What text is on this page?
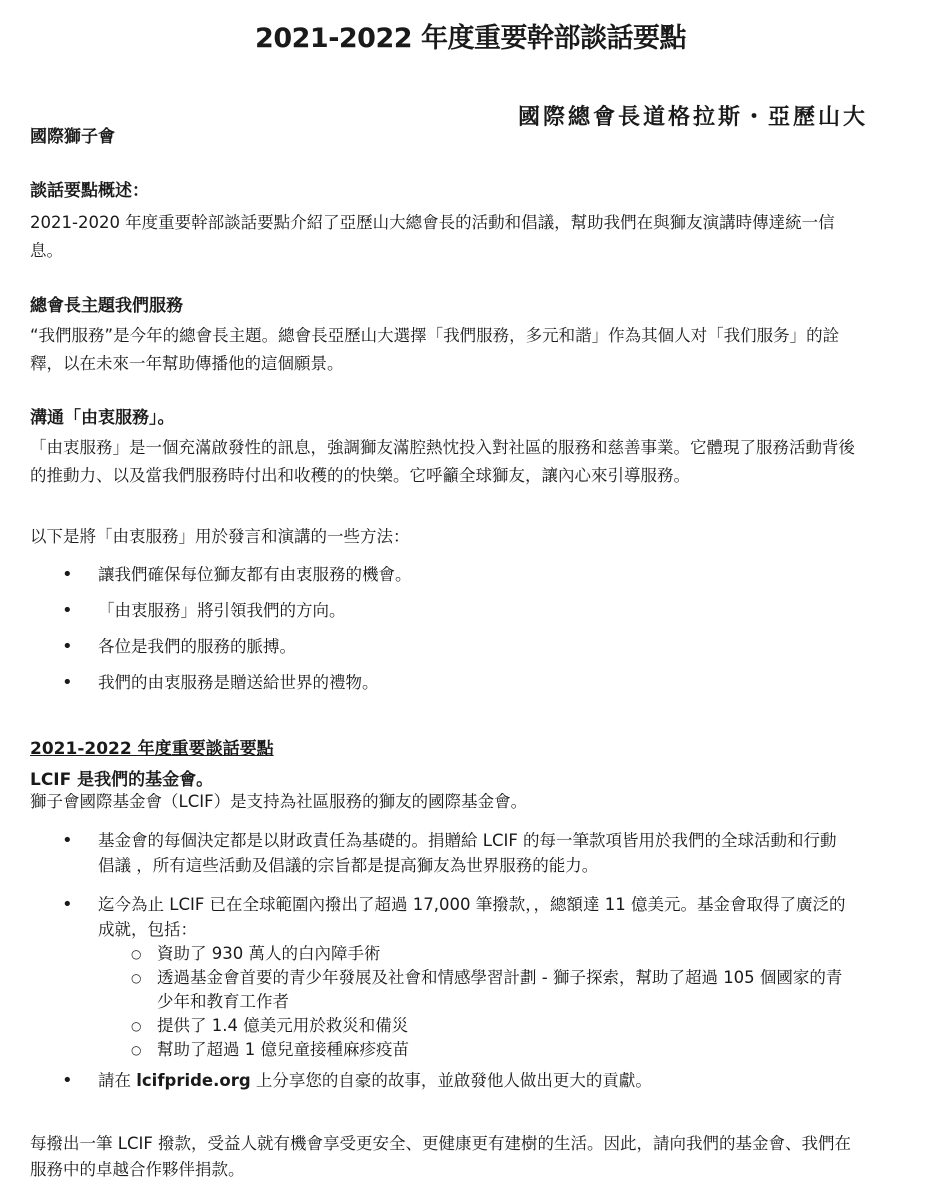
2021-2022 年度重要幹部談話要點
國際總會長道格拉斯・亞歷山大
國際獅子會
談話要點概述：
2021-2020 年度重要幹部談話要點介紹了亞歷山大總會長的活動和倡議，幫助我們在與獅友演講時傳達統一信息。
總會長主題我們服務
“我們服務”是今年的總會長主題。總會長亞歷山大選擇「我們服務，多元和諧」作為其個人对「我们服务」的詮釋，以在未來一年幫助傳播他的這個願景。
溝通「由衷服務」。
「由衷服務」是一個充滿啟發性的訊息，強調獅友滿腔熱忱投入對社區的服務和慈善事業。它體現了服務活動背後的推動力、以及當我們服務時付出和收穫的的快樂。它呼籲全球獅友，讓內心來引導服務。
以下是將「由衷服務」用於發言和演講的一些方法：
• 讓我們確保每位獅友都有由衷服務的機會。
• 「由衷服務」將引領我們的方向。
• 各位是我們的服務的脈搏。
• 我們的由衷服務是贈送給世界的禮物。
2021-2022 年度重要談話要點
LCIF 是我們的基金會。
獅子會國際基金會（LCIF）是支持為社區服務的獅友的國際基金會。
• 基金會的每個決定都是以財政責任為基礎的。捐贈給 LCIF 的每一筆款項皆用於我們的全球活動和行動倡議 ，所有這些活動及倡議的宗旨都是提高獅友為世界服務的能力。
• 迄今為止 LCIF 已在全球範圍內撥出了超過 17,000 筆撥款，，總額達 11 億美元。基金會取得了廣泛的成就，包括：
○ 資助了 930 萬人的白內障手術
○ 透過基金會首要的青少年發展及社會和情感學習計劃 - 獅子探索，幫助了超過 105 個國家的青少年和教育工作者
○ 提供了 1.4 億美元用於救災和備災
○ 幫助了超過 1 億兒童接種麻疹疫苗
• 請在 lcifpride.org 上分享您的自豪的故事，並啟發他人做出更大的貢獻。
每撥出一筆 LCIF 撥款，受益人就有機會享受更安全、更健康更有建樹的生活。因此，請向我們的基金會、我們在服務中的卓越合作夥伴捐款。
